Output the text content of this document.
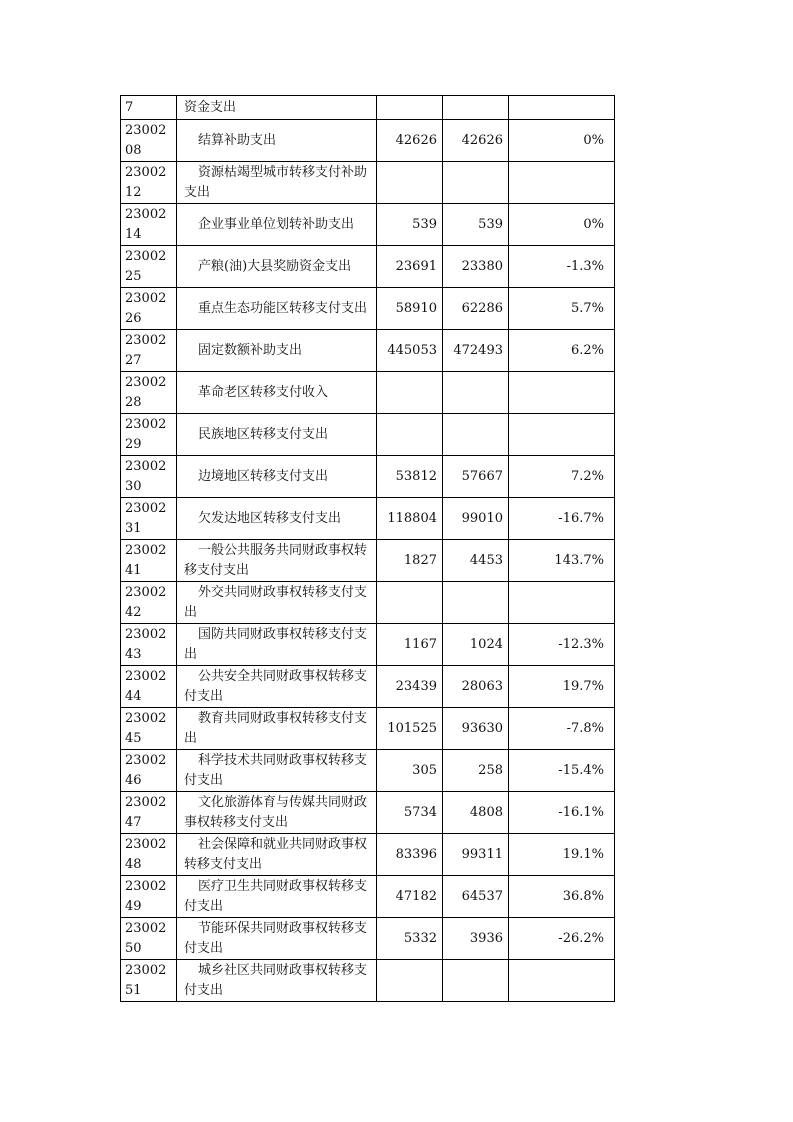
7	资金支出			
2300208	结算补助支出	42626	42626	0%
2300212	资源枯竭型城市转移支付补助支出			
2300214	企业事业单位划转补助支出	539	539	0%
2300225	产粮(油)大县奖励资金支出	23691	23380	-1.3%
2300226	重点生态功能区转移支付支出	58910	62286	5.7%
2300227	固定数额补助支出	445053	472493	6.2%
2300228	革命老区转移支付收入			
2300229	民族地区转移支付支出			
2300230	边境地区转移支付支出	53812	57667	7.2%
2300231	欠发达地区转移支付支出	118804	99010	-16.7%
2300241	一般公共服务共同财政事权转移支付支出	1827	4453	143.7%
2300242	外交共同财政事权转移支付支出			
2300243	国防共同财政事权转移支付支出	1167	1024	-12.3%
2300244	公共安全共同财政事权转移支付支出	23439	28063	19.7%
2300245	教育共同财政事权转移支付支出	101525	93630	-7.8%
2300246	科学技术共同财政事权转移支付支出	305	258	-15.4%
2300247	文化旅游体育与传媒共同财政事权转移支付支出	5734	4808	-16.1%
2300248	社会保障和就业共同财政事权转移支付支出	83396	99311	19.1%
2300249	医疗卫生共同财政事权转移支付支出	47182	64537	36.8%
2300250	节能环保共同财政事权转移支付支出	5332	3936	-26.2%
2300251	城乡社区共同财政事权转移支付支出			
